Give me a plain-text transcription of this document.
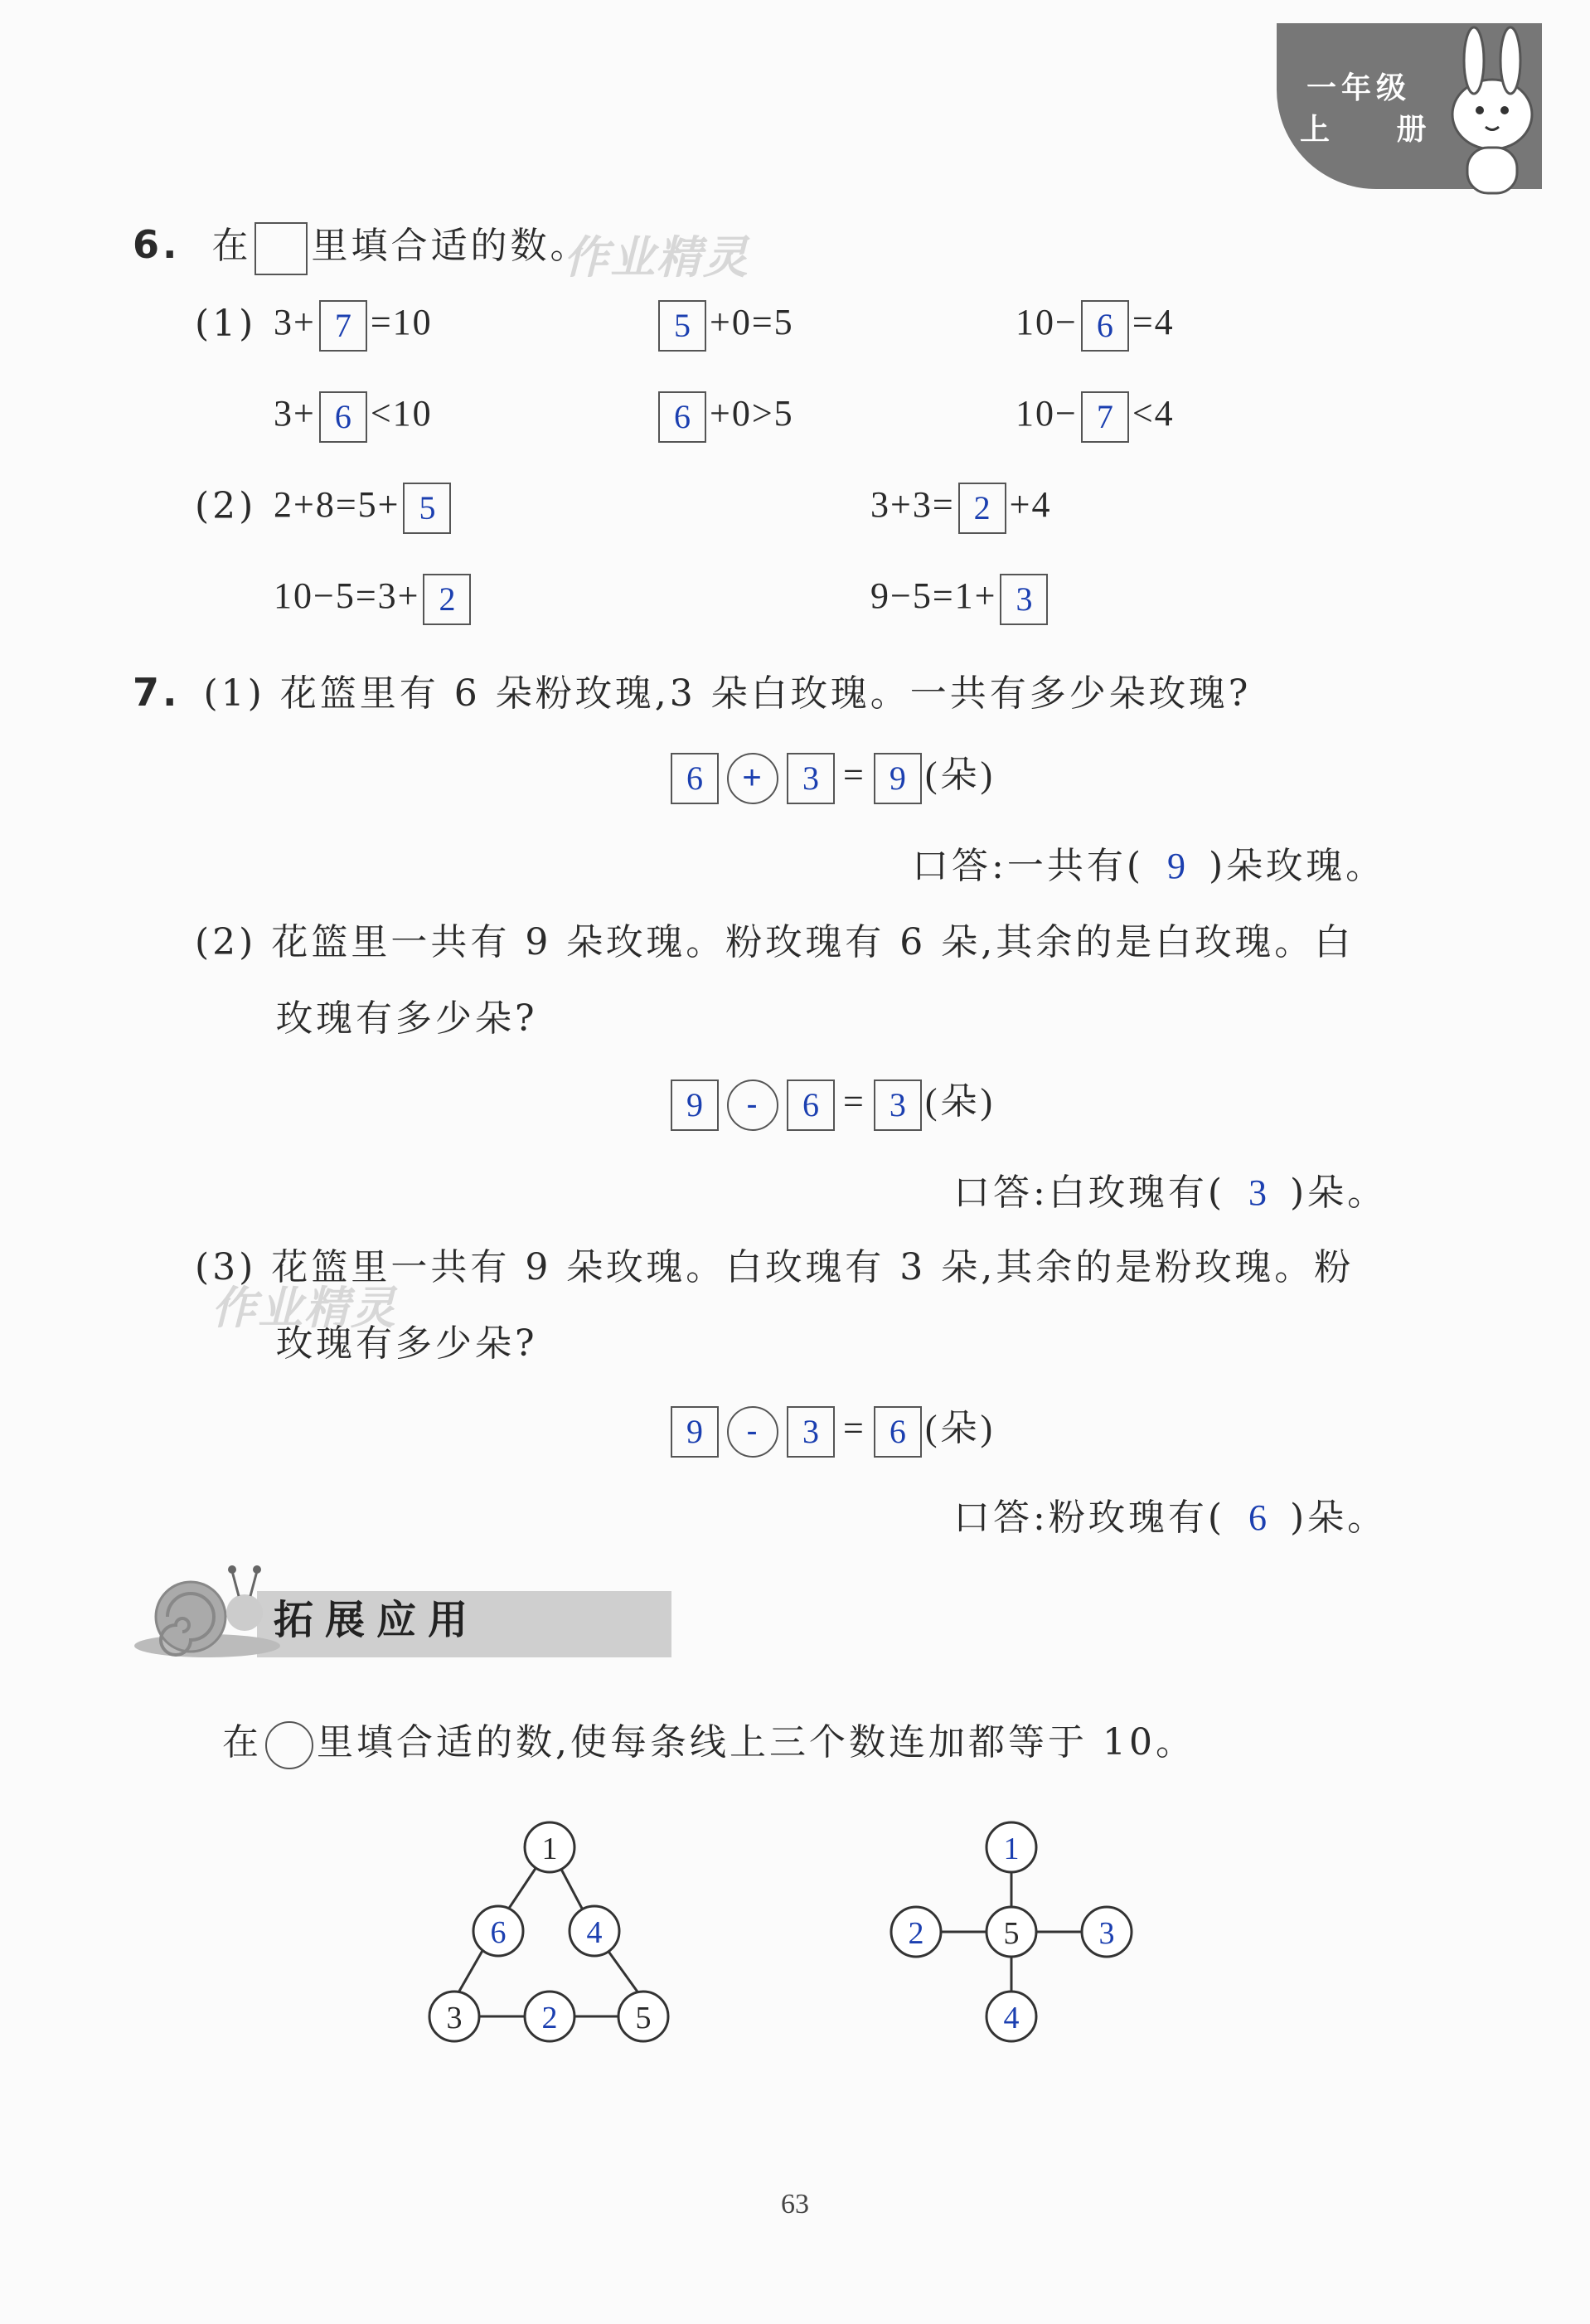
一年级
上 册
作业精灵
作业精灵
6. 在 里填合适的数。
(1)
(2)
3+ 7 =10	5 +0=5	10− 6 =4
3+ 6 <10	6 +0>5	10− 7 <4
2+8=5+ 5	3+3= 2 +4
10−5=3+ 2	9−5=1+ 3
7. (1) 花篮里有 6 朵粉玫瑰,3 朵白玫瑰。一共有多少朵玫瑰?
6 + 3 = 9 (朵)
口答:一共有( 9 )朵玫瑰。
(2) 花篮里一共有 9 朵玫瑰。粉玫瑰有 6 朵,其余的是白玫瑰。白
玫瑰有多少朵?
9 - 6 = 3 (朵)
口答:白玫瑰有( 3 )朵。
(3) 花篮里一共有 9 朵玫瑰。白玫瑰有 3 朵,其余的是粉玫瑰。粉
玫瑰有多少朵?
9 - 3 = 6 (朵)
口答:粉玫瑰有( 6 )朵。
拓展应用
在 里填合适的数,使每条线上三个数连加都等于 10。
1
6	4
3	2 5
1
2	5	3
4
63
